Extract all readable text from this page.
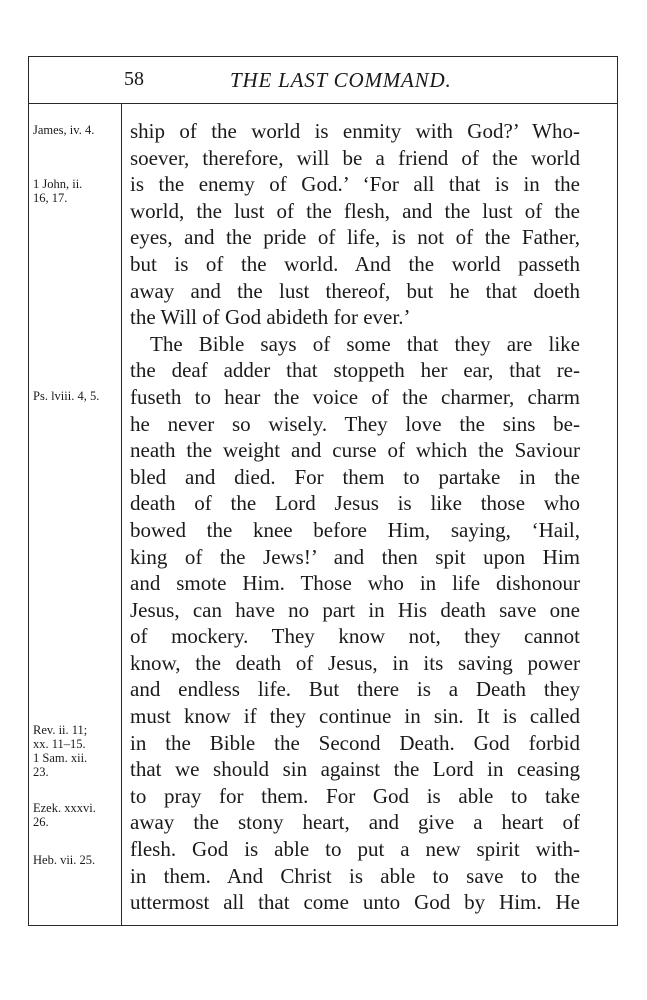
58	THE LAST COMMAND.
James, iv. 4.
1 John, ii.
16, 17.
Ps. lviii. 4, 5.
Rev. ii. 11;
xx. 11–15.
1 Sam. xii.
23.
Ezek. xxxvi.
26.
Heb. vii. 25.
ship of the world is enmity with God?’ Who-
soever, therefore, will be a friend of the world
is the enemy of God.’ ‘For all that is in the
world, the lust of the flesh, and the lust of the
eyes, and the pride of life, is not of the Father,
but is of the world. And the world passeth
away and the lust thereof, but he that doeth
the Will of God abideth for ever.’
The Bible says of some that they are like
the deaf adder that stoppeth her ear, that re-
fuseth to hear the voice of the charmer, charm
he never so wisely. They love the sins be-
neath the weight and curse of which the Saviour
bled and died. For them to partake in the
death of the Lord Jesus is like those who
bowed the knee before Him, saying, ‘Hail,
king of the Jews!’ and then spit upon Him
and smote Him. Those who in life dishonour
Jesus, can have no part in His death save one
of mockery. They know not, they cannot
know, the death of Jesus, in its saving power
and endless life. But there is a Death they
must know if they continue in sin. It is called
in the Bible the Second Death. God forbid
that we should sin against the Lord in ceasing
to pray for them. For God is able to take
away the stony heart, and give a heart of
flesh. God is able to put a new spirit with-
in them. And Christ is able to save to the
uttermost all that come unto God by Him. He
